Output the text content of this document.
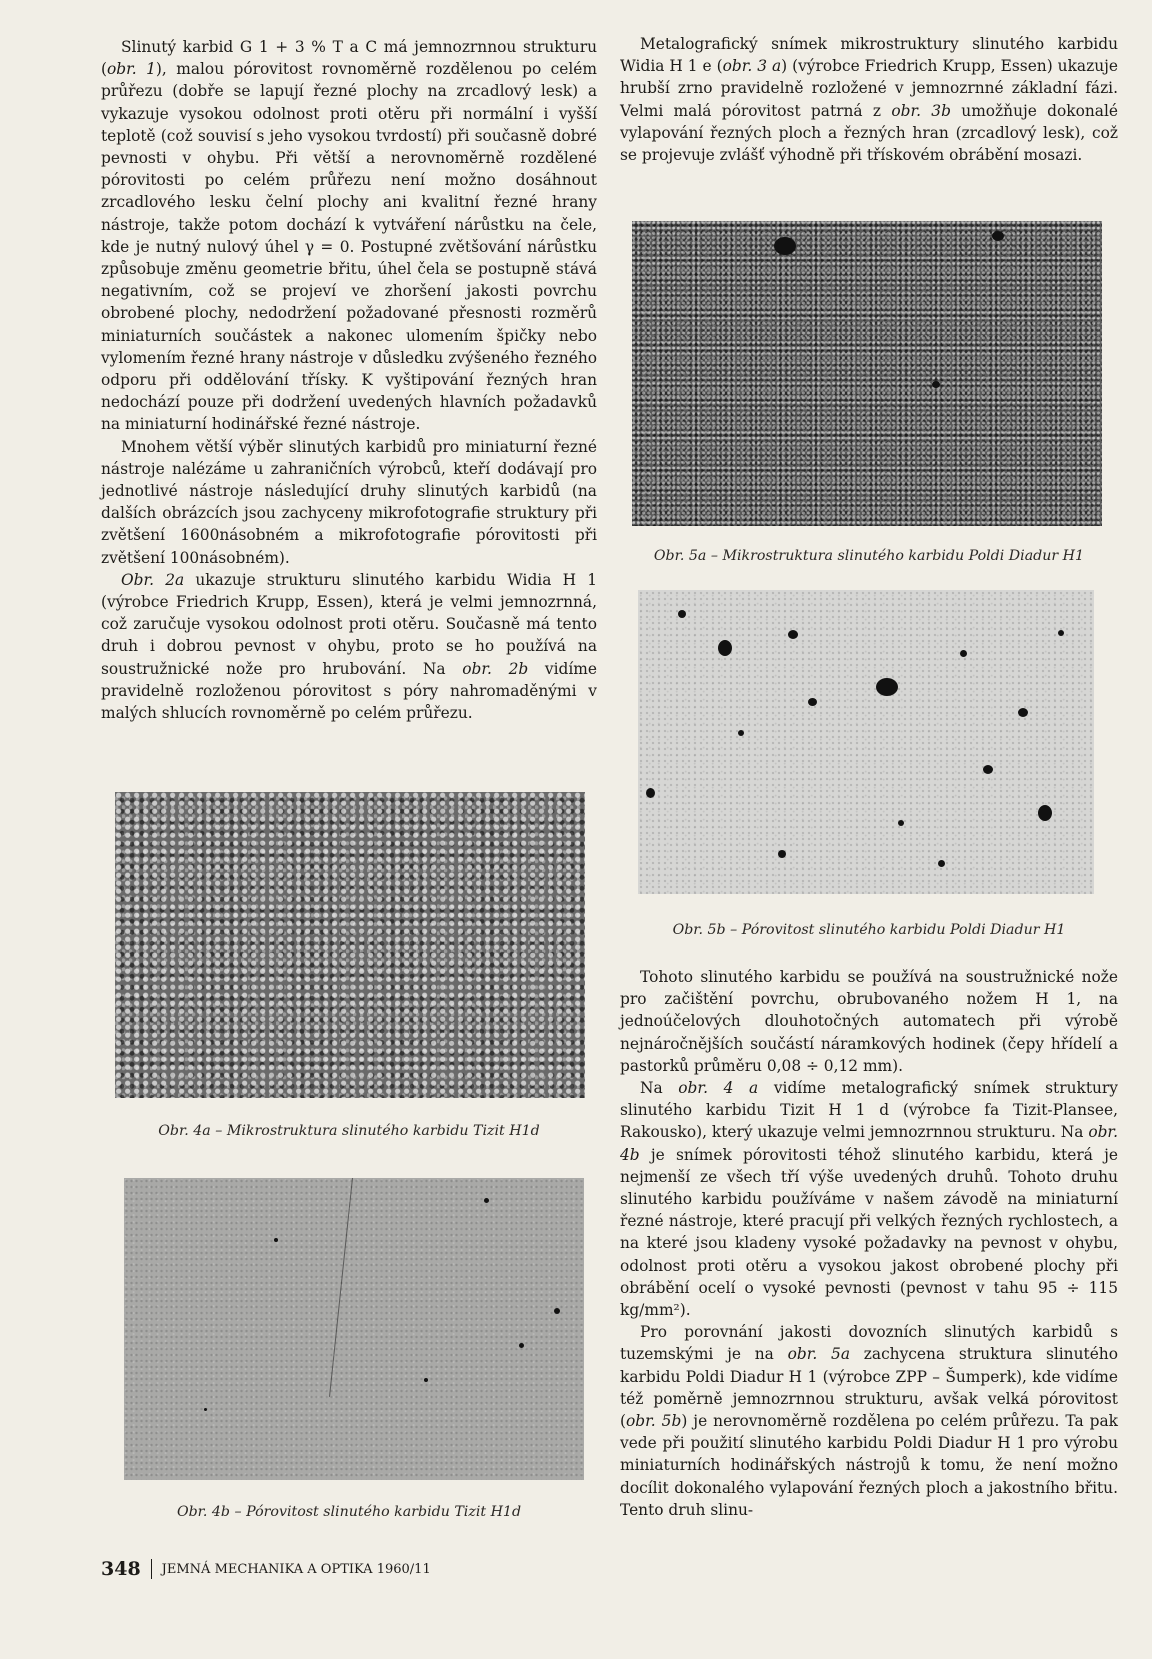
Slinutý karbid G 1 + 3 % T a C má jemnozrnnou strukturu (obr. 1), malou pórovitost rovnoměrně rozdělenou po celém průřezu (dobře se lapují řezné plochy na zrcadlový lesk) a vykazuje vysokou odolnost proti otěru při normální i vyšší teplotě (což souvisí s jeho vysokou tvrdostí) při současně dobré pevnosti v ohybu. Při větší a nerovnoměrně rozdělené pórovitosti po celém průřezu není možno dosáhnout zrcadlového lesku čelní plochy ani kvalitní řezné hrany nástroje, takže potom dochází k vytváření nárůstku na čele, kde je nutný nulový úhel γ = 0. Postupné zvětšování nárůstku způsobuje změnu geometrie břitu, úhel čela se postupně stává negativním, což se projeví ve zhoršení jakosti povrchu obrobené plochy, nedodržení požadované přesnosti rozměrů miniaturních součástek a nakonec ulomením špičky nebo vylomením řezné hrany nástroje v důsledku zvýšeného řezného odporu při oddělování třísky. K vyštipování řezných hran nedochází pouze při dodržení uvedených hlavních požadavků na miniaturní hodinářské řezné nástroje.

Mnohem větší výběr slinutých karbidů pro miniaturní řezné nástroje nalézáme u zahraničních výrobců, kteří dodávají pro jednotlivé nástroje následující druhy slinutých karbidů (na dalších obrázcích jsou zachyceny mikrofotografie struktury při zvětšení 1600násobném a mikrofotografie pórovitosti při zvětšení 100násobném).

Obr. 2a ukazuje strukturu slinutého karbidu Widia H 1 (výrobce Friedrich Krupp, Essen), která je velmi jemnozrnná, což zaručuje vysokou odolnost proti otěru. Současně má tento druh i dobrou pevnost v ohybu, proto se ho používá na soustružnické nože pro hrubování. Na obr. 2b vidíme pravidelně rozloženou pórovitost s póry nahromaděnými v malých shlucích rovnoměrně po celém průřezu.

Metalografický snímek mikrostruktury slinutého karbidu Widia H 1 e (obr. 3 a) (výrobce Friedrich Krupp, Essen) ukazuje hrubší zrno pravidelně rozložené v jemnozrnné základní fázi. Velmi malá pórovitost patrná z obr. 3b umožňuje dokonalé vylapování řezných ploch a řezných hran (zrcadlový lesk), což se projevuje zvlášť výhodně při třískovém obrábění mosazi.

Obr. 5a – Mikrostruktura slinutého karbidu Poldi Diadur H1
Obr. 5b – Pórovitost slinutého karbidu Poldi Diadur H1

Tohoto slinutého karbidu se používá na soustružnické nože pro začištění povrchu, obrubovaného nožem H 1, na jednoúčelových dlouhotočných automatech při výrobě nejnáročnějších součástí náramkových hodinek (čepy hřídelí a pastorků průměru 0,08 ÷ 0,12 mm).

Na obr. 4 a vidíme metalografický snímek struktury slinutého karbidu Tizit H 1 d (výrobce fa Tizit-Plansee, Rakousko), který ukazuje velmi jemnozrnnou strukturu. Na obr. 4b je snímek pórovitosti téhož slinutého karbidu, která je nejmenší ze všech tří výše uvedených druhů. Tohoto druhu slinutého karbidu používáme v našem závodě na miniaturní řezné nástroje, které pracují při velkých řezných rychlostech, a na které jsou kladeny vysoké požadavky na pevnost v ohybu, odolnost proti otěru a vysokou jakost obrobené plochy při obrábění ocelí o vysoké pevnosti (pevnost v tahu 95 ÷ 115 kg/mm²).

Pro porovnání jakosti dovozních slinutých karbidů s tuzemskými je na obr. 5a zachycena struktura slinutého karbidu Poldi Diadur H 1 (výrobce ZPP – Šumperk), kde vidíme též poměrně jemnozrnnou strukturu, avšak velká pórovitost (obr. 5b) je nerovnoměrně rozdělena po celém průřezu. Ta pak vede při použití slinutého karbidu Poldi Diadur H 1 pro výrobu miniaturních hodinářských nástrojů k tomu, že není možno docílit dokonalého vylapování řezných ploch a jakostního břitu. Tento druh slinu-

Obr. 4a – Mikrostruktura slinutého karbidu Tizit H1d
Obr. 4b – Pórovitost slinutého karbidu Tizit H1d
348 JEMNÁ MECHANIKA A OPTIKA 1960/11
